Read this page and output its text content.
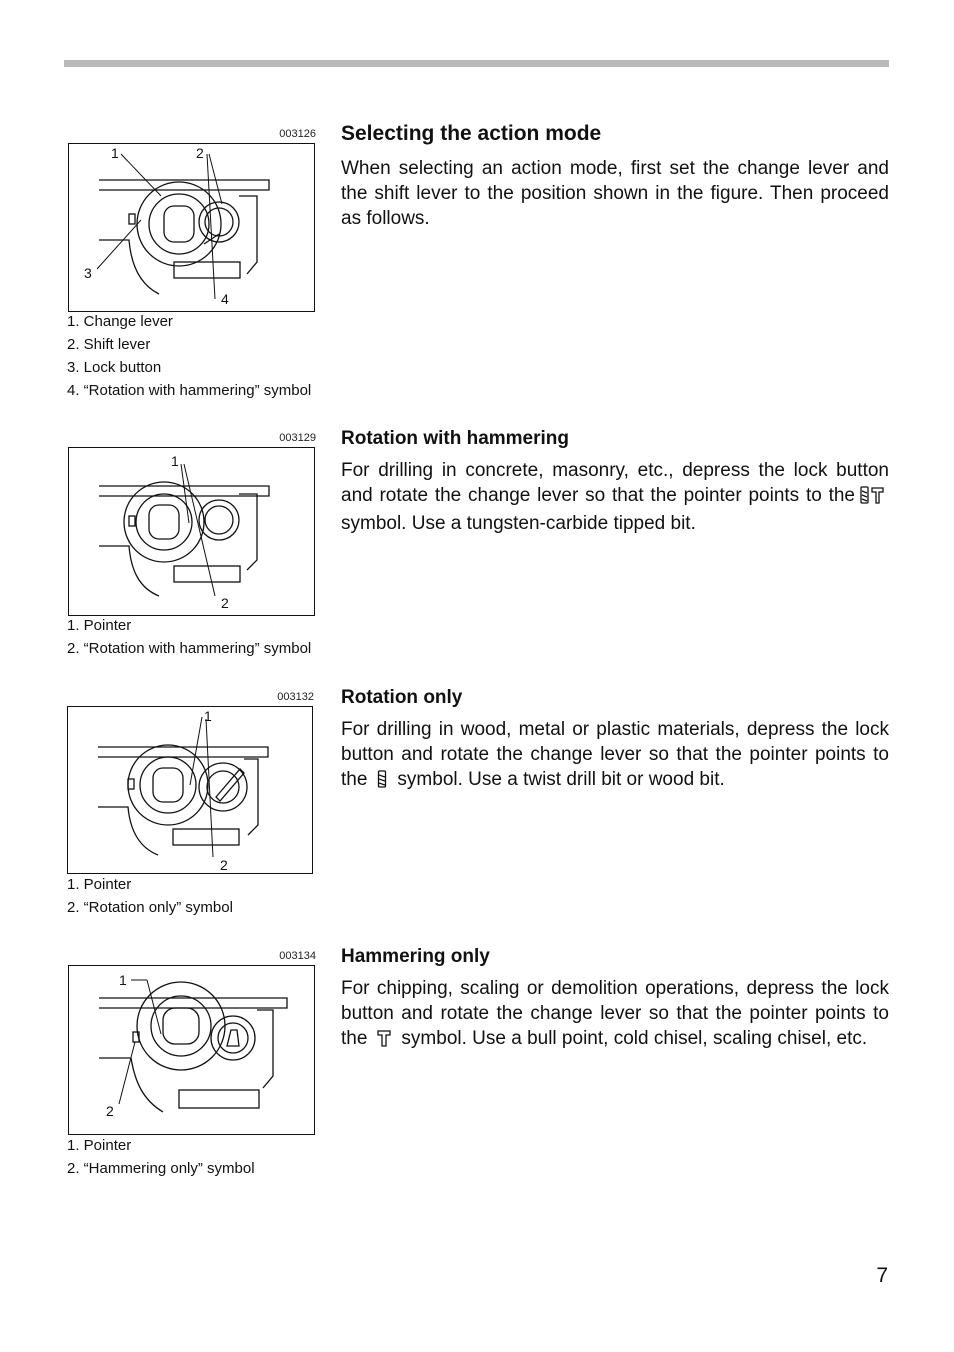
003126
1	2
3
4
1. Change lever
2. Shift lever
3. Lock button
4. “Rotation with hammering” symbol
Selecting the action mode

When selecting an action mode, first set the change lever and the shift lever to the position shown in the figure. Then proceed as follows.

003129
1
2
1. Pointer
2. “Rotation with hammering” symbol
Rotation with hammering

For drilling in concrete, masonry, etc., depress the lock button and rotate the change lever so that the pointer points to thesymbol. Use a tungsten-carbide tipped bit.

003132
1
2
1. Pointer
2. “Rotation only” symbol
Rotation only

For drilling in wood, metal or plastic materials, depress the lock button and rotate the change lever so that the pointer points to the symbol. Use a twist drill bit or wood bit.

003134
1
2
1. Pointer
2. “Hammering only” symbol
Hammering only

For chipping, scaling or demolition operations, depress the lock button and rotate the change lever so that the pointer points to the symbol. Use a bull point, cold chisel, scaling chisel, etc.

7
